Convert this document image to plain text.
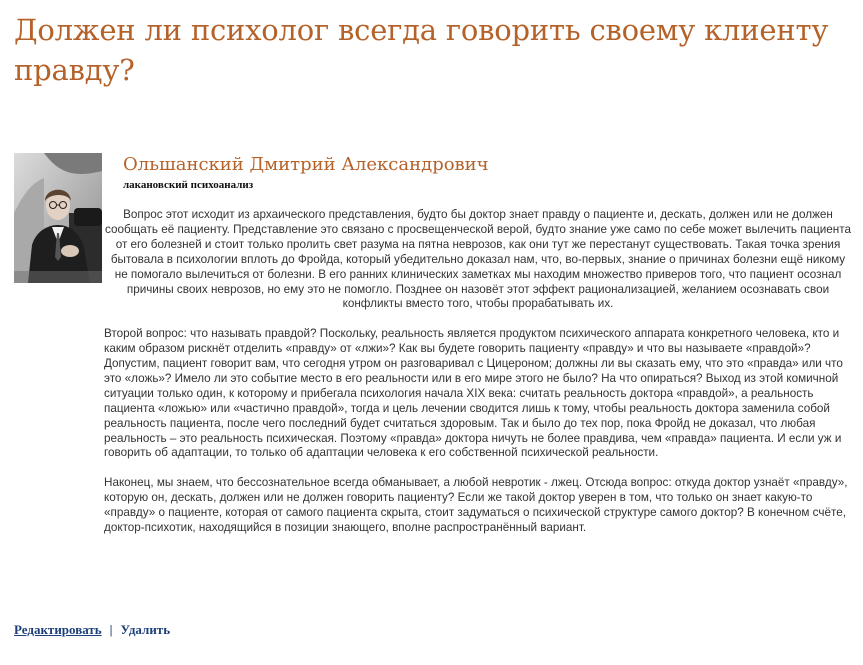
Должен ли психолог всегда говорить своему клиенту правду?
Ольшанский Дмитрий Александрович
лакановский психоанализ

Вопрос этот исходит из архаического представления, будто бы доктор знает правду о пациенте и, дескать, должен или не должен сообщать её пациенту. Представление это связано с просвещенческой верой, будто знание уже само по себе может вылечить пациента от его болезней и стоит только пролить свет разума на пятна неврозов, как они тут же перестанут существовать. Такая точка зрения бытовала в психологии вплоть до Фройда, который убедительно доказал нам, что, во-первых, знание о причинах болезни ещё никому не помогало вылечиться от болезни. В его ранних клинических заметках мы находим множество приверов того, что пациент осознал причины своих неврозов, но ему это не помогло. Позднее он назовёт этот эффект рационализацией, желанием осознавать свои конфликты вместо того, чтобы прорабатывать их.

Второй вопрос: что называть правдой? Поскольку, реальность является продуктом психического аппарата конкретного человека, кто и каким образом рискнёт отделить «правду» от «лжи»? Как вы будете говорить пациенту «правду» и что вы называете «правдой»? Допустим, пациент говорит вам, что сегодня утром он разговаривал с Цицероном; должны ли вы сказать ему, что это «правда» или что это «ложь»? Имело ли это событие место в его реальности или в его мире этого не было? На что опираться? Выход из этой комичной ситуации только один, к которому и прибегала психология начала XIX века: считать реальность доктора «правдой», а реальность пациента «ложью» или «частично правдой», тогда и цель лечении сводится лишь к тому, чтобы реальность доктора заменила собой реальность пациента, после чего последний будет считаться здоровым. Так и было до тех пор, пока Фройд не доказал, что любая реальность – это реальность психическая. Поэтому «правда» доктора ничуть не более правдива, чем «правда» пациента. И если уж и говорить об адаптации, то только об адаптации человека к его собственной психической реальности.

Наконец, мы знаем, что бессознательное всегда обманывает, а любой невротик - лжец. Отсюда вопрос: откуда доктор узнаёт «правду», которую он, дескать, должен или не должен говорить пациенту? Если же такой доктор уверен в том, что только он знает какую-то «правду» о пациенте, которая от самого пациента скрыта, стоит задуматься о психической структуре самого доктор? В конечном счёте, доктор-психотик, находящийся в позиции знающего, вполне распространённый вариант.

Редактировать | Удалить
